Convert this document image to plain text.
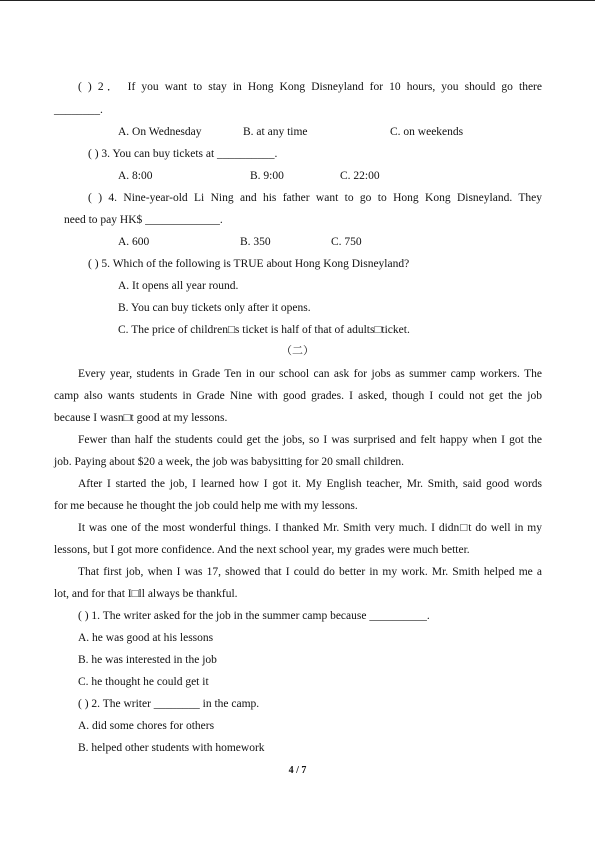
( ) 2． If you want to stay in Hong Kong Disneyland for 10 hours, you should go there
________.
A. On Wednesday	B. at any time	C. on weekends
( ) 3. You can buy tickets at __________.
A. 8:00	B. 9:00	C. 22:00
( ) 4. Nine-year-old Li Ning and his father want to go to Hong Kong Disneyland. They
need to pay HK$ _____________.
A. 600	B. 350	C. 750
( ) 5. Which of the following is TRUE about Hong Kong Disneyland?
A. It opens all year round.
B. You can buy tickets only after it opens.
C. The price of children□s ticket is half of that of adults□ticket.
（二）
Every year, students in Grade Ten in our school can ask for jobs as summer camp workers. The
camp also wants students in Grade Nine with good grades. I asked, though I could not get the job
because I wasn□t good at my lessons.
Fewer than half the students could get the jobs, so I was surprised and felt happy when I got the
job. Paying about $20 a week, the job was babysitting for 20 small children.
After I started the job, I learned how I got it. My English teacher, Mr. Smith, said good words
for me because he thought the job could help me with my lessons.
It was one of the most wonderful things. I thanked Mr. Smith very much. I didn□t do well in my
lessons, but I got more confidence. And the next school year, my grades were much better.
That first job, when I was 17, showed that I could do better in my work. Mr. Smith helped me a
lot, and for that I□ll always be thankful.
( ) 1. The writer asked for the job in the summer camp because __________.
A. he was good at his lessons
B. he was interested in the job
C. he thought he could get it
( ) 2. The writer ________ in the camp.
A. did some chores for others
B. helped other students with homework
4 / 7
